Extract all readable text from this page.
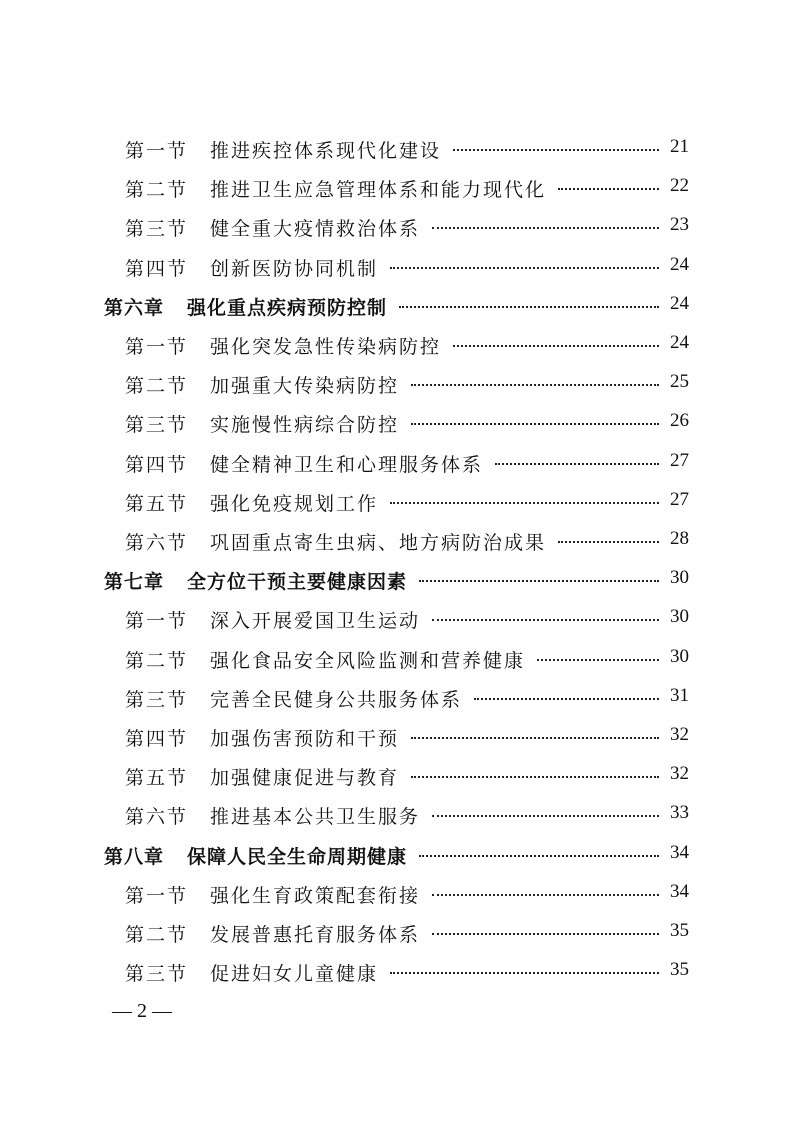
第一节 推进疾控体系现代化建设	21
第二节 推进卫生应急管理体系和能力现代化	22
第三节 健全重大疫情救治体系	23
第四节 创新医防协同机制	24
第六章 强化重点疾病预防控制	24
第一节 强化突发急性传染病防控	24
第二节 加强重大传染病防控	25
第三节 实施慢性病综合防控	26
第四节 健全精神卫生和心理服务体系	27
第五节 强化免疫规划工作	27
第六节 巩固重点寄生虫病、地方病防治成果	28
第七章 全方位干预主要健康因素	30
第一节 深入开展爱国卫生运动	30
第二节 强化食品安全风险监测和营养健康	30
第三节 完善全民健身公共服务体系	31
第四节 加强伤害预防和干预	32
第五节 加强健康促进与教育	32
第六节 推进基本公共卫生服务	33
第八章 保障人民全生命周期健康	34
第一节 强化生育政策配套衔接	34
第二节 发展普惠托育服务体系	35
第三节 促进妇女儿童健康	35
— 2 —
